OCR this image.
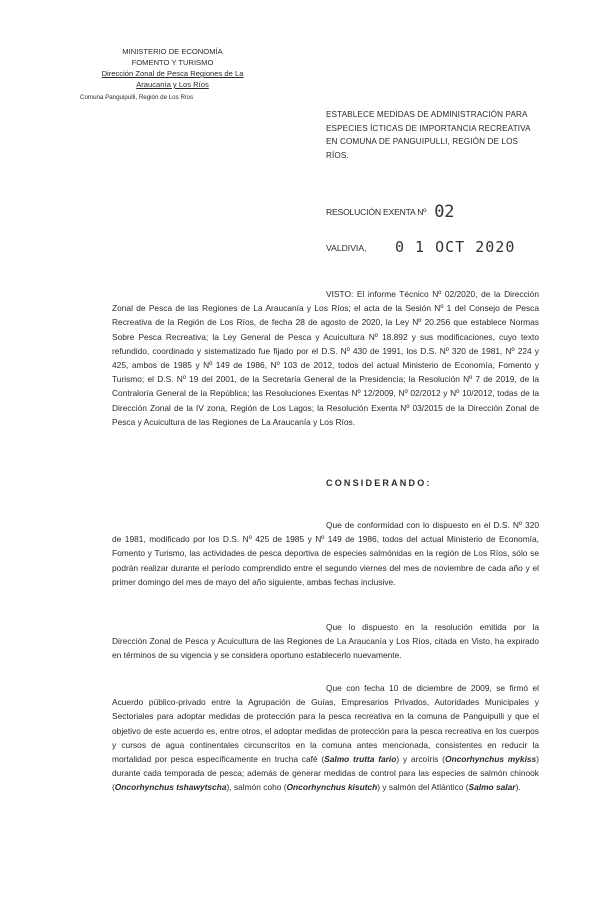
MINISTERIO DE ECONOMÍA
FOMENTO Y TURISMO
Dirección Zonal de Pesca Regiones de La
Araucanía y Los Ríos
Comuna Panguipulli, Región de Los Ríos
ESTABLECE MEDIDAS DE ADMINISTRACIÓN PARA ESPECIES ÍCTICAS DE IMPORTANCIA RECREATIVA EN COMUNA DE PANGUIPULLI, REGIÓN DE LOS RÍOS.
RESOLUCIÓN EXENTA Nº 02
VALDIVIA, 0 1 OCT 2020

VISTO: El informe Técnico Nº 02/2020, de la Dirección Zonal de Pesca de las Regiones de La Araucanía y Los Ríos; el acta de la Sesión Nº 1 del Consejo de Pesca Recreativa de la Región de Los Ríos, de fecha 28 de agosto de 2020, la Ley Nº 20.256 que establece Normas Sobre Pesca Recreativa; la Ley General de Pesca y Acuicultura Nº 18.892 y sus modificaciones, cuyo texto refundido, coordinado y sistematizado fue fijado por el D.S. Nº 430 de 1991, los D.S. Nº 320 de 1981, Nº 224 y 425, ambos de 1985 y Nº 149 de 1986, Nº 103 de 2012, todos del actual Ministerio de Economía, Fomento y Turismo; el D.S. Nº 19 del 2001, de la Secretaría General de la Presidencia; la Resolución Nº 7 de 2019, de la Contraloría General de la República; las Resoluciones Exentas Nº 12/2009, Nº 02/2012 y Nº 10/2012, todas de la Dirección Zonal de la IV zona, Región de Los Lagos; la Resolución Exenta Nº 03/2015 de la Dirección Zonal de Pesca y Acuicultura de las Regiones de La Araucanía y Los Ríos.

CONSIDERANDO:

Que de conformidad con lo dispuesto en el D.S. Nº 320 de 1981, modificado por los D.S. Nº 425 de 1985 y Nº 149 de 1986, todos del actual Ministerio de Economía, Fomento y Turismo, las actividades de pesca deportiva de especies salmónidas en la región de Los Ríos, sólo se podrán realizar durante el período comprendido entre el segundo viernes del mes de noviembre de cada año y el primer domingo del mes de mayo del año siguiente, ambas fechas inclusive.

Que lo dispuesto en la resolución emitida por la Dirección Zonal de Pesca y Acuicultura de las Regiones de La Araucanía y Los Ríos, citada en Visto, ha expirado en términos de su vigencia y se considera oportuno establecerlo nuevamente.

Que con fecha 10 de diciembre de 2009, se firmó el Acuerdo público-privado entre la Agrupación de Guías, Empresarios Privados, Autoridades Municipales y Sectoriales para adoptar medidas de protección para la pesca recreativa en la comuna de Panguipulli y que el objetivo de este acuerdo es, entre otros, el adoptar medidas de protección para la pesca recreativa en los cuerpos y cursos de agua continentales circunscritos en la comuna antes mencionada, consistentes en reducir la mortalidad por pesca específicamente en trucha café (Salmo trutta fario) y arcoíris (Oncorhynchus mykiss) durante cada temporada de pesca; además de generar medidas de control para las especies de salmón chinook (Oncorhynchus tshawytscha), salmón coho (Oncorhynchus kisutch) y salmón del Atlántico (Salmo salar).
